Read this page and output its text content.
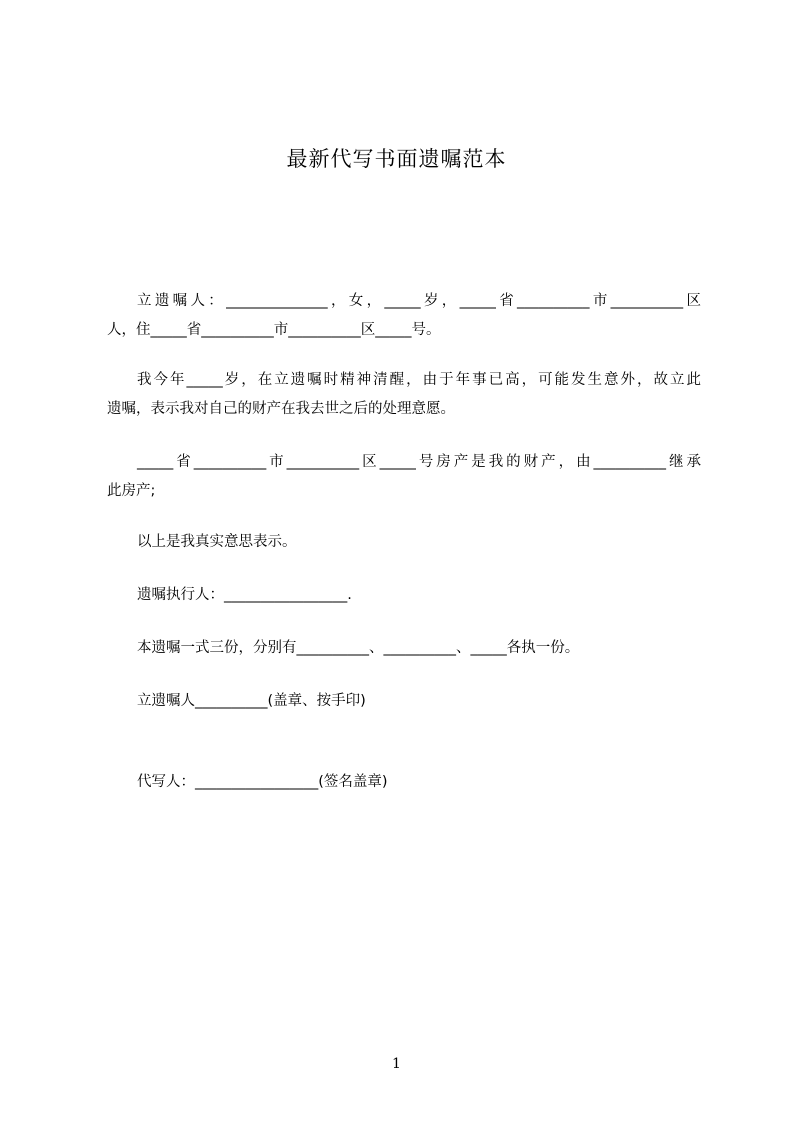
最新代写书面遗嘱范本
立遗嘱人：______________，女，_____岁，_____省__________市__________区
人，住_____省__________市__________区_____号。
我今年_____岁，在立遗嘱时精神清醒，由于年事已高，可能发生意外，故立此
遗嘱，表示我对自己的财产在我去世之后的处理意愿。
_____省__________市__________区_____号房产是我的财产，由__________继承
此房产;
以上是我真实意思表示。
遗嘱执行人：_________________.
本遗嘱一式三份，分别有__________、__________、_____各执一份。
立遗嘱人__________(盖章、按手印)
代写人：_________________(签名盖章)
1
